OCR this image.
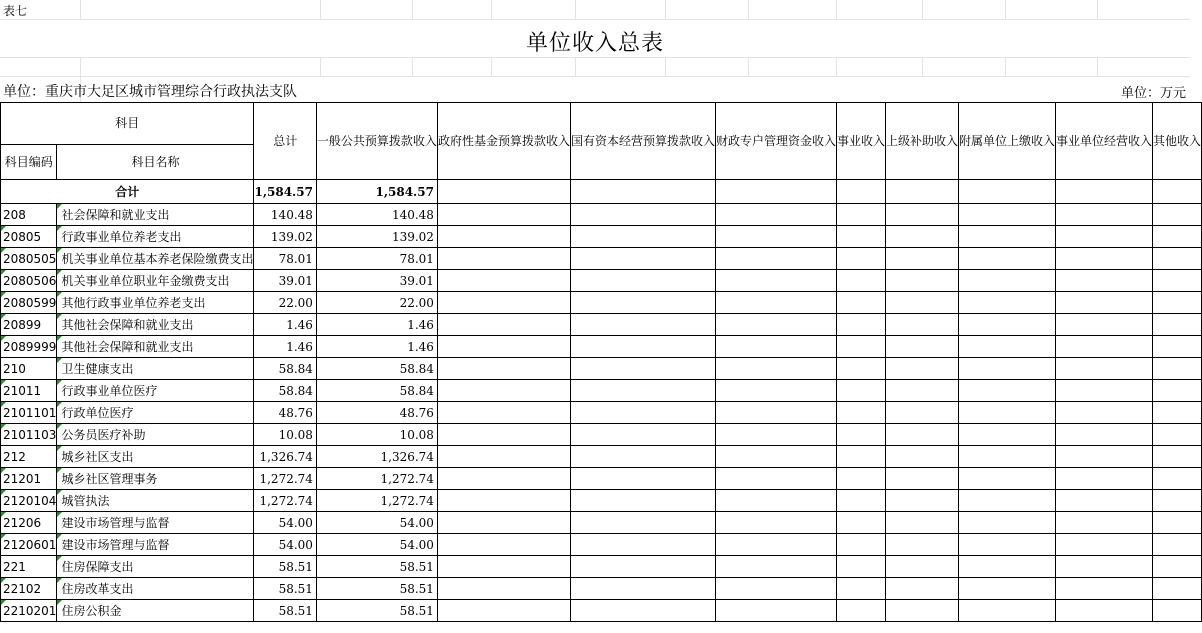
表七
单位收入总表
单位：重庆市大足区城市管理综合行政执法支队	单位：万元
科目		总计	一般公共预算拨款收入	政府性基金预算拨款收入	国有资本经营预算拨款收入	财政专户管理资金收入	事业收入	上级补助收入	附属单位上缴收入	事业单位经营收入	其他收入
科目编码	科目名称										
合计		1,584.57	1,584.57								
208	社会保障和就业支出	140.48	140.48								
20805	行政事业单位养老支出	139.02	139.02								
2080505	机关事业单位基本养老保险缴费支出	78.01	78.01								
2080506	机关事业单位职业年金缴费支出	39.01	39.01								
2080599	其他行政事业单位养老支出	22.00	22.00								
20899	其他社会保障和就业支出	1.46	1.46								
2089999	其他社会保障和就业支出	1.46	1.46								
210	卫生健康支出	58.84	58.84								
21011	行政事业单位医疗	58.84	58.84								
2101101	行政单位医疗	48.76	48.76								
2101103	公务员医疗补助	10.08	10.08								
212	城乡社区支出	1,326.74	1,326.74								
21201	城乡社区管理事务	1,272.74	1,272.74								
2120104	城管执法	1,272.74	1,272.74								
21206	建设市场管理与监督	54.00	54.00								
2120601	建设市场管理与监督	54.00	54.00								
221	住房保障支出	58.51	58.51								
22102	住房改革支出	58.51	58.51								
2210201	住房公积金	58.51	58.51								
